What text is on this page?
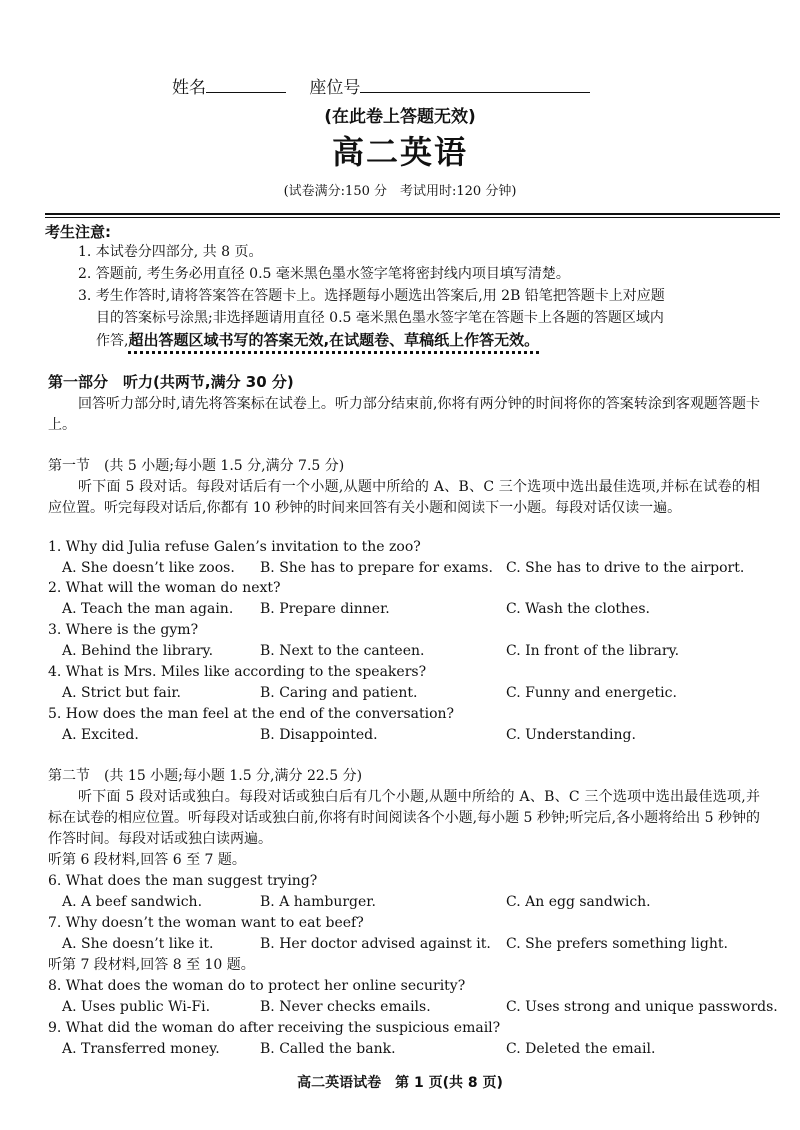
姓名	座位号
(在此卷上答题无效)
高二英语
(试卷满分:150 分　考试用时:120 分钟)
考生注意:
1. 本试卷分四部分, 共 8 页。
2. 答题前, 考生务必用直径 0.5 毫米黑色墨水签字笔将密封线内项目填写清楚。
3. 考生作答时,请将答案答在答题卡上。选择题每小题选出答案后,用 2B 铅笔把答题卡上对应题
目的答案标号涂黑;非选择题请用直径 0.5 毫米黑色墨水签字笔在答题卡上各题的答题区域内
作答,超出答题区域书写的答案无效,在试题卷、草稿纸上作答无效。
第一部分　听力(共两节,满分 30 分)
回答听力部分时,请先将答案标在试卷上。听力部分结束前,你将有两分钟的时间将你的答案转涂到客观题答题卡上。
第一节　(共 5 小题;每小题 1.5 分,满分 7.5 分)
听下面 5 段对话。每段对话后有一个小题,从题中所给的 A、B、C 三个选项中选出最佳选项,并标在试卷的相应位置。听完每段对话后,你都有 10 秒钟的时间来回答有关小题和阅读下一小题。每段对话仅读一遍。
1. Why did Julia refuse Galen’s invitation to the zoo?
A. She doesn’t like zoos. B. She has to prepare for exams. C. She has to drive to the airport.
2. What will the woman do next?
A. Teach the man again. B. Prepare dinner.	C. Wash the clothes.
3. Where is the gym?
A. Behind the library.	B. Next to the canteen.	C. In front of the library.
4. What is Mrs. Miles like according to the speakers?
A. Strict but fair.	B. Caring and patient.	C. Funny and energetic.
5. How does the man feel at the end of the conversation?
A. Excited.	B. Disappointed.	C. Understanding.
第二节　(共 15 小题;每小题 1.5 分,满分 22.5 分)
听下面 5 段对话或独白。每段对话或独白后有几个小题,从题中所给的 A、B、C 三个选项中选出最佳选项,并标在试卷的相应位置。听每段对话或独白前,你将有时间阅读各个小题,每小题 5 秒钟;听完后,各小题将给出 5 秒钟的作答时间。每段对话或独白读两遍。
听第 6 段材料,回答 6 至 7 题。
6. What does the man suggest trying?
A. A beef sandwich.	B. A hamburger.	C. An egg sandwich.
7. Why doesn’t the woman want to eat beef?
A. She doesn’t like it.	B. Her doctor advised against it. C. She prefers something light.
听第 7 段材料,回答 8 至 10 题。
8. What does the woman do to protect her online security?
A. Uses public Wi-Fi.	B. Never checks emails.	C. Uses strong and unique passwords.
9. What did the woman do after receiving the suspicious email?
A. Transferred money.	B. Called the bank.	C. Deleted the email.
高二英语试卷　第 1 页(共 8 页)
